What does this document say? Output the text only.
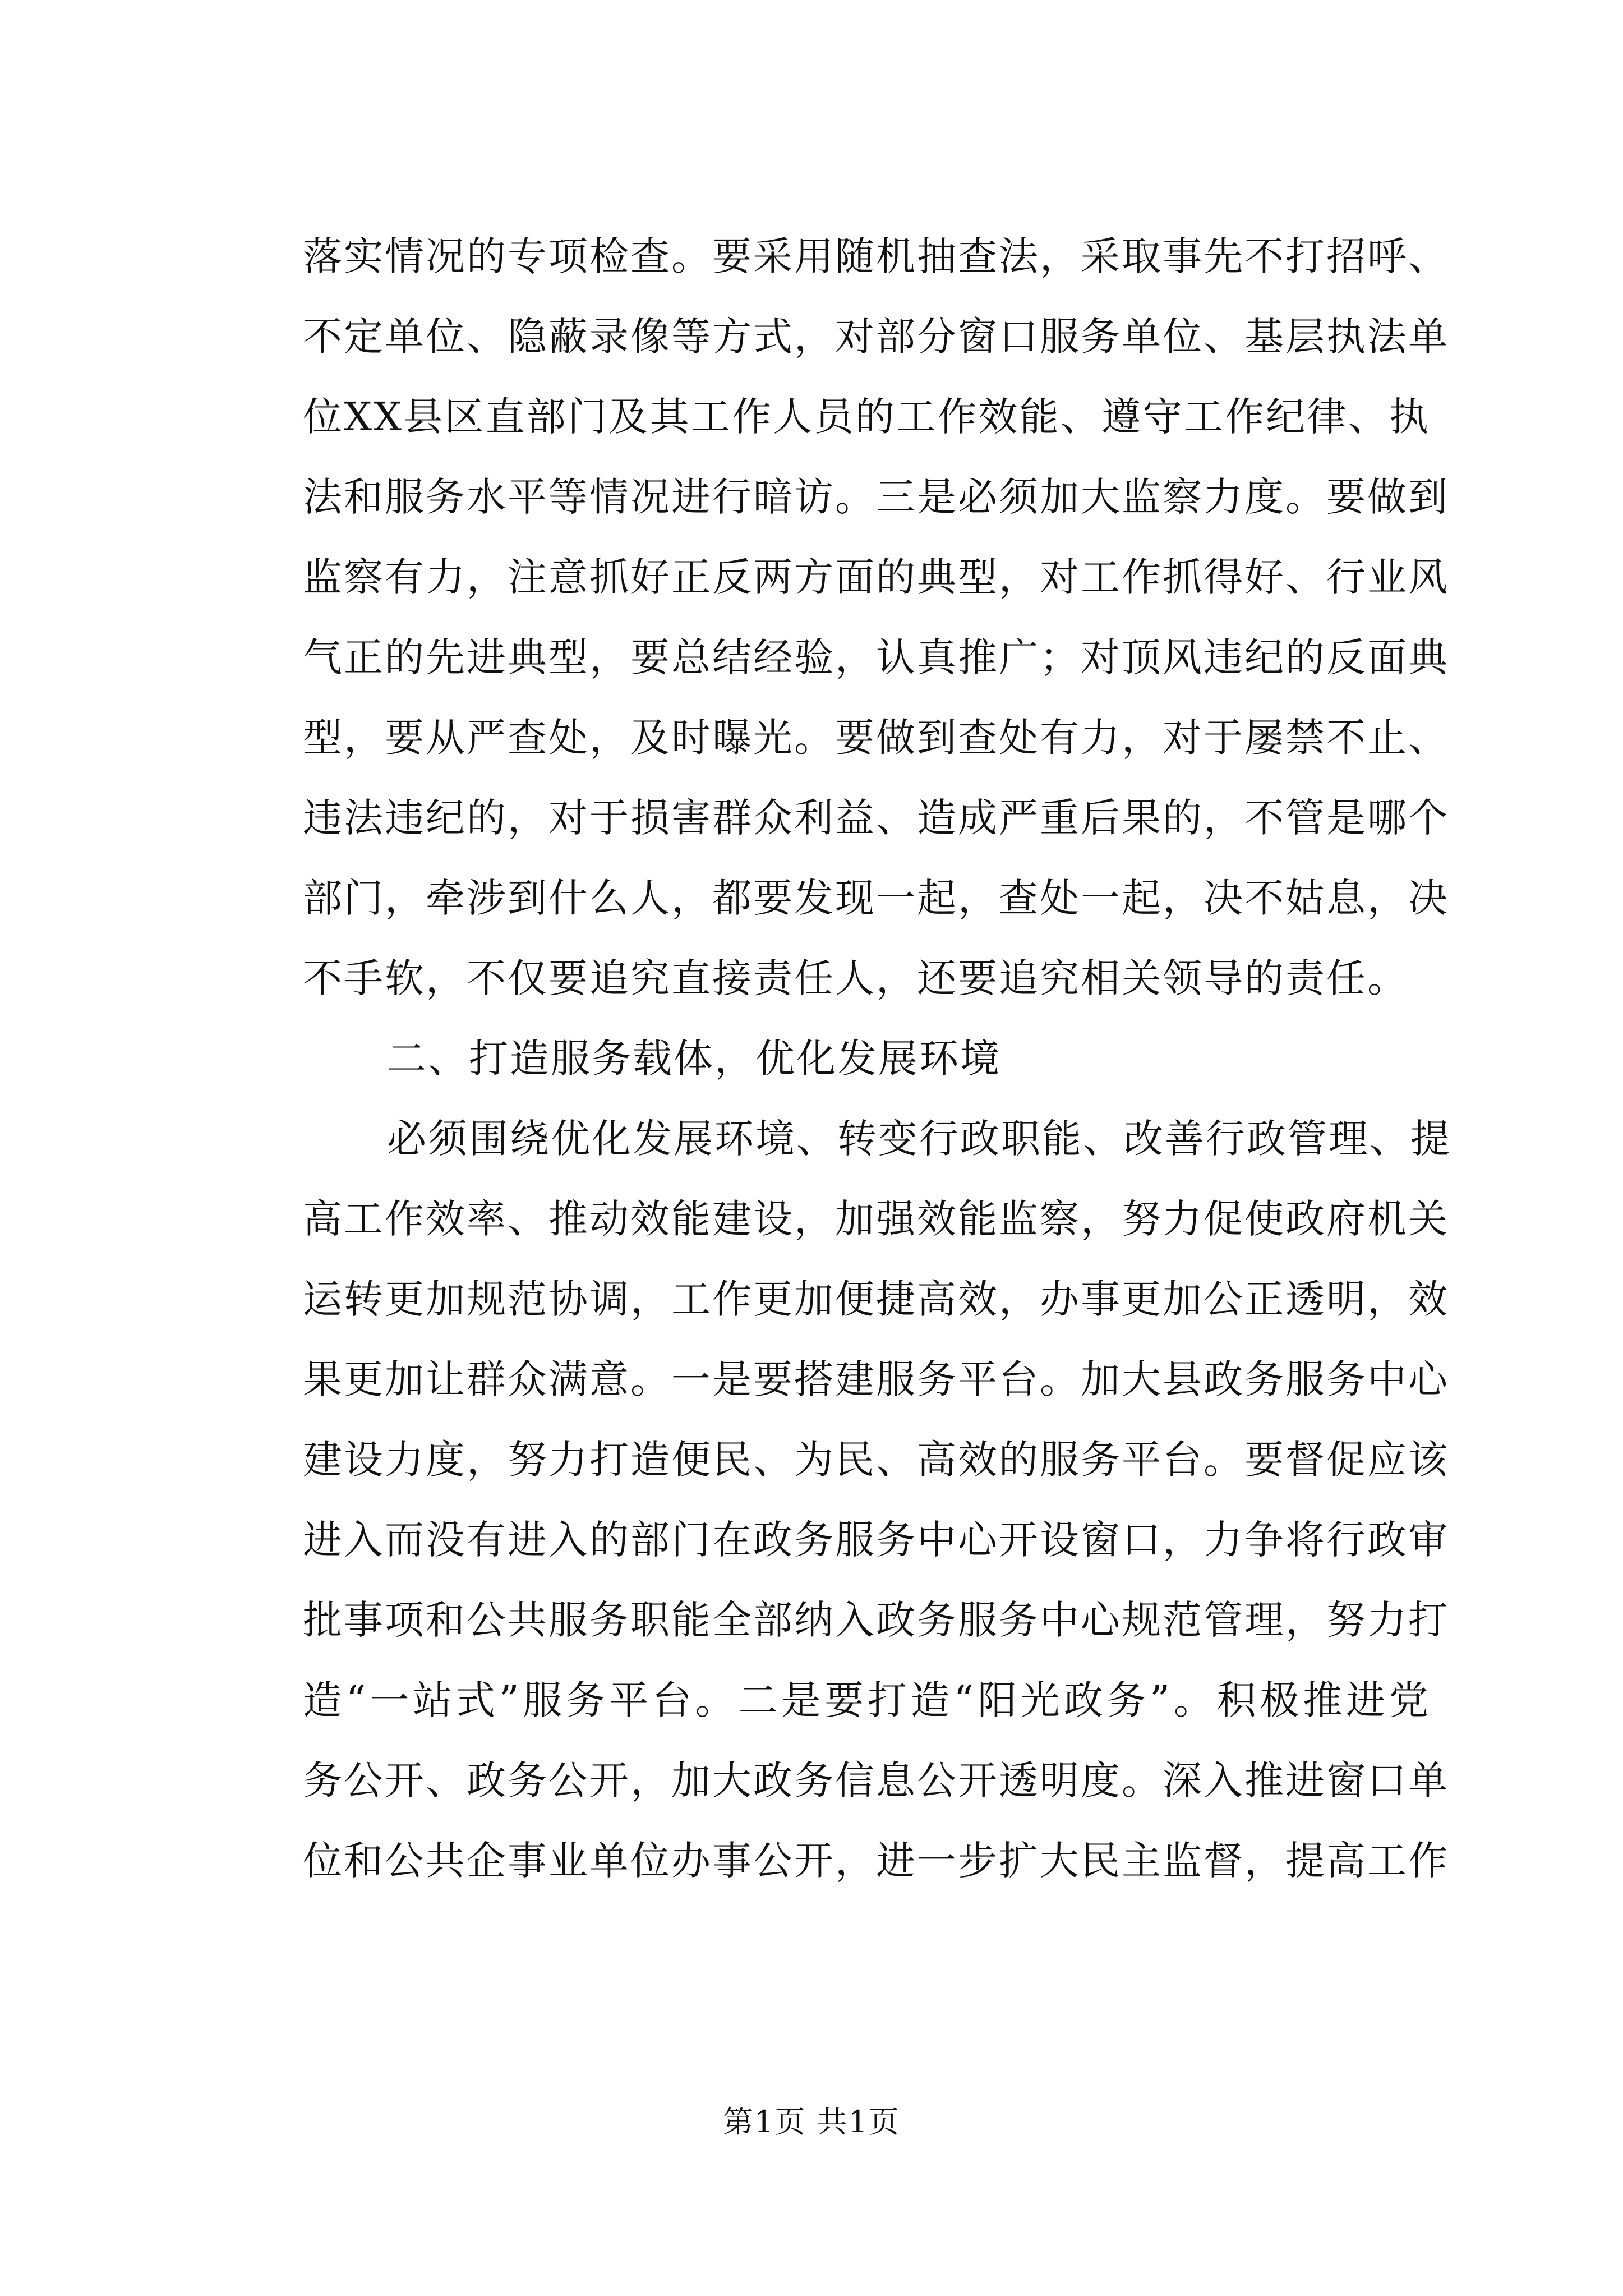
落实情况的专项检查。要采用随机抽查法，采取事先不打招呼、
不定单位、隐蔽录像等方式，对部分窗口服务单位、基层执法单
位XX县区直部门及其工作人员的工作效能、遵守工作纪律、执
法和服务水平等情况进行暗访。三是必须加大监察力度。要做到
监察有力，注意抓好正反两方面的典型，对工作抓得好、行业风
气正的先进典型，要总结经验，认真推广；对顶风违纪的反面典
型，要从严查处，及时曝光。要做到查处有力，对于屡禁不止、
违法违纪的，对于损害群众利益、造成严重后果的，不管是哪个
部门，牵涉到什么人，都要发现一起，查处一起，决不姑息，决
不手软，不仅要追究直接责任人，还要追究相关领导的责任。
二、打造服务载体，优化发展环境
必须围绕优化发展环境、转变行政职能、改善行政管理、提
高工作效率、推动效能建设，加强效能监察，努力促使政府机关
运转更加规范协调，工作更加便捷高效，办事更加公正透明，效
果更加让群众满意。一是要搭建服务平台。加大县政务服务中心
建设力度，努力打造便民、为民、高效的服务平台。要督促应该
进入而没有进入的部门在政务服务中心开设窗口，力争将行政审
批事项和公共服务职能全部纳入政务服务中心规范管理，努力打
造“一站式”服务平台。二是要打造“阳光政务”。积极推进党
务公开、政务公开，加大政务信息公开透明度。深入推进窗口单
位和公共企事业单位办事公开，进一步扩大民主监督，提高工作
第1页 共1页
